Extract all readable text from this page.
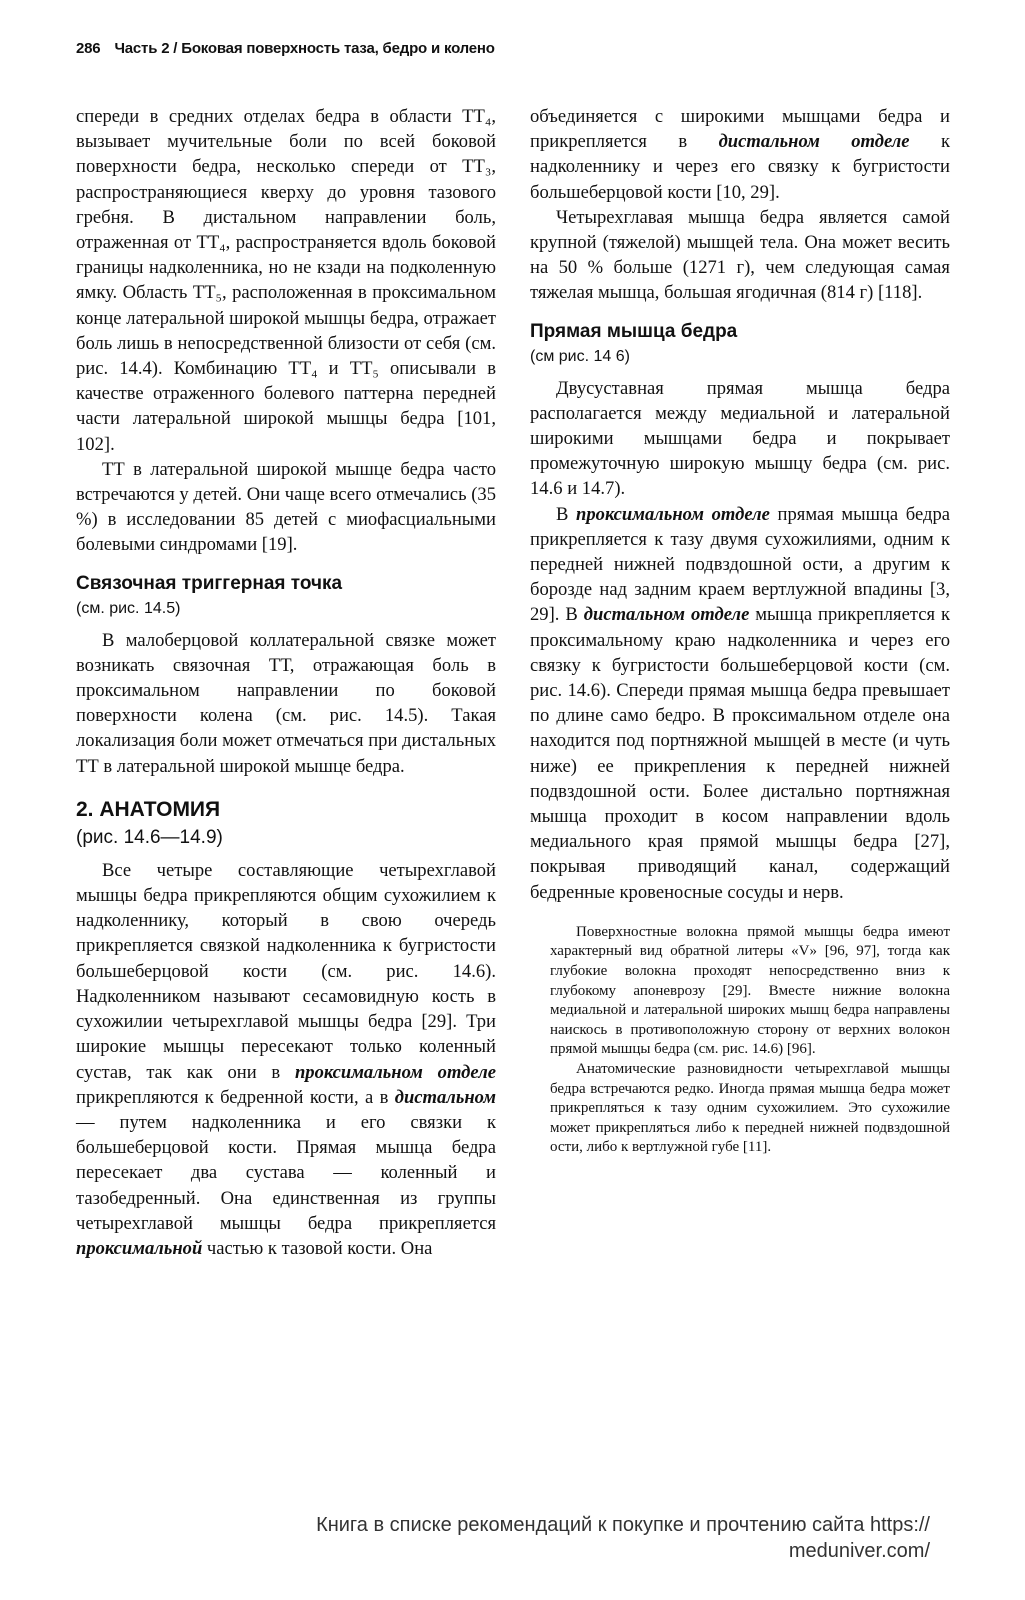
286 Часть 2 / Боковая поверхность таза, бедро и колено

спереди в средних отделах бедра в области ТТ₄, вызывает мучительные боли по всей боковой поверхности бедра, несколько спереди от ТТ₃, распространяющиеся кверху до уровня тазового гребня. В дистальном направлении боль, отраженная от ТТ₄, распространяется вдоль боковой границы надколенника, но не кзади на подколенную ямку. Область ТТ₅, расположенная в проксимальном конце латеральной широкой мышцы бедра, отражает боль лишь в непосредственной близости от себя (см. рис. 14.4). Комбинацию ТТ₄ и ТТ₅ описывали в качестве отраженного болевого паттерна передней части латеральной широкой мышцы бедра [101, 102].

ТТ в латеральной широкой мышце бедра часто встречаются у детей. Они чаще всего отмечались (35 %) в исследовании 85 детей с миофасциальными болевыми синдромами [19].

Связочная триггерная точка
(см. рис. 14.5)

В малоберцовой коллатеральной связке может возникать связочная ТТ, отражающая боль в проксимальном направлении по боковой поверхности колена (см. рис. 14.5). Такая локализация боли может отмечаться при дистальных ТТ в латеральной широкой мышце бедра.

2. АНАТОМИЯ
(рис. 14.6—14.9)

Все четыре составляющие четырехглавой мышцы бедра прикрепляются общим сухожилием к надколеннику, который в свою очередь прикрепляется связкой надколенника к бугристости большеберцовой кости (см. рис. 14.6). Надколенником называют сесамовидную кость в сухожилии четырехглавой мышцы бедра [29]. Три широкие мышцы пересекают только коленный сустав, так как они в проксимальном отделе прикрепляются к бедренной кости, а в дистальном — путем надколенника и его связки к большеберцовой кости. Прямая мышца бедра пересекает два сустава — коленный и тазобедренный. Она единственная из группы четырехглавой мышцы бедра прикрепляется проксимальной частью к тазовой кости. Она

объединяется с широкими мышцами бедра и прикрепляется в дистальном отделе к надколеннику и через его связку к бугристости большеберцовой кости [10, 29].

Четырехглавая мышца бедра является самой крупной (тяжелой) мышцей тела. Она может весить на 50 % больше (1271 г), чем следующая самая тяжелая мышца, большая ягодичная (814 г) [118].

Прямая мышца бедра
(см рис. 14 6)

Двусуставная прямая мышца бедра располагается между медиальной и латеральной широкими мышцами бедра и покрывает промежуточную широкую мышцу бедра (см. рис. 14.6 и 14.7).

В проксимальном отделе прямая мышца бедра прикрепляется к тазу двумя сухожилиями, одним к передней нижней подвздошной ости, а другим к борозде над задним краем вертлужной впадины [3, 29]. В дистальном отделе мышца прикрепляется к проксимальному краю надколенника и через его связку к бугристости большеберцовой кости (см. рис. 14.6). Спереди прямая мышца бедра превышает по длине само бедро. В проксимальном отделе она находится под портняжной мышцей в месте (и чуть ниже) ее прикрепления к передней нижней подвздошной ости. Более дистально портняжная мышца проходит в косом направлении вдоль медиального края прямой мышцы бедра [27], покрывая приводящий канал, содержащий бедренные кровеносные сосуды и нерв.

Поверхностные волокна прямой мышцы бедра имеют характерный вид обратной литеры «V» [96, 97], тогда как глубокие волокна проходят непосредственно вниз к глубокому апоневрозу [29]. Вместе нижние волокна медиальной и латеральной широких мышц бедра направлены наискось в противоположную сторону от верхних волокон прямой мышцы бедра (см. рис. 14.6) [96].

Анатомические разновидности четырехглавой мышцы бедра встречаются редко. Иногда прямая мышца бедра может прикрепляться к тазу одним сухожилием. Это сухожилие может прикрепляться либо к передней нижней подвздошной ости, либо к вертлужной губе [11].

Книга в списке рекомендаций к покупке и прочтению сайта https://
meduniver.com/
